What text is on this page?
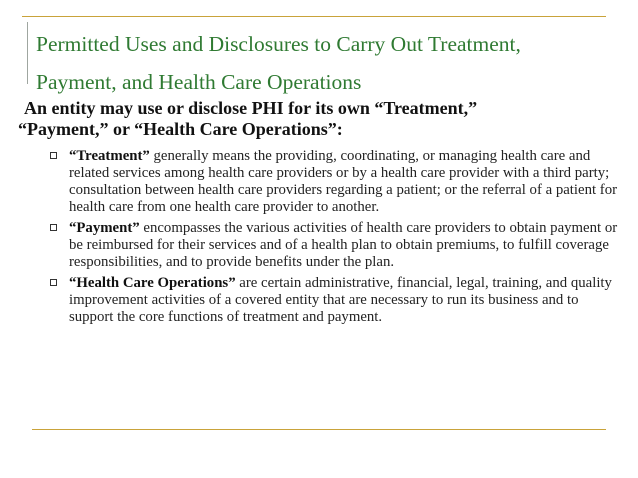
Permitted Uses and Disclosures to Carry Out Treatment,
Payment, and Health Care Operations

An entity may use or disclose PHI for its own “Treatment,”
“Payment,” or “Health Care Operations”:

“Treatment” generally means the providing, coordinating, or managing health care and related services among health care providers or by a health care provider with a third party; consultation between health care providers regarding a patient; or the referral of a patient for health care from one health care provider to another.
“Payment” encompasses the various activities of health care providers to obtain payment or be reimbursed for their services and of a health plan to obtain premiums, to fulfill coverage responsibilities, and to provide benefits under the plan.
“Health Care Operations” are certain administrative, financial, legal, training, and quality improvement activities of a covered entity that are necessary to run its business and to support the core functions of treatment and payment.
